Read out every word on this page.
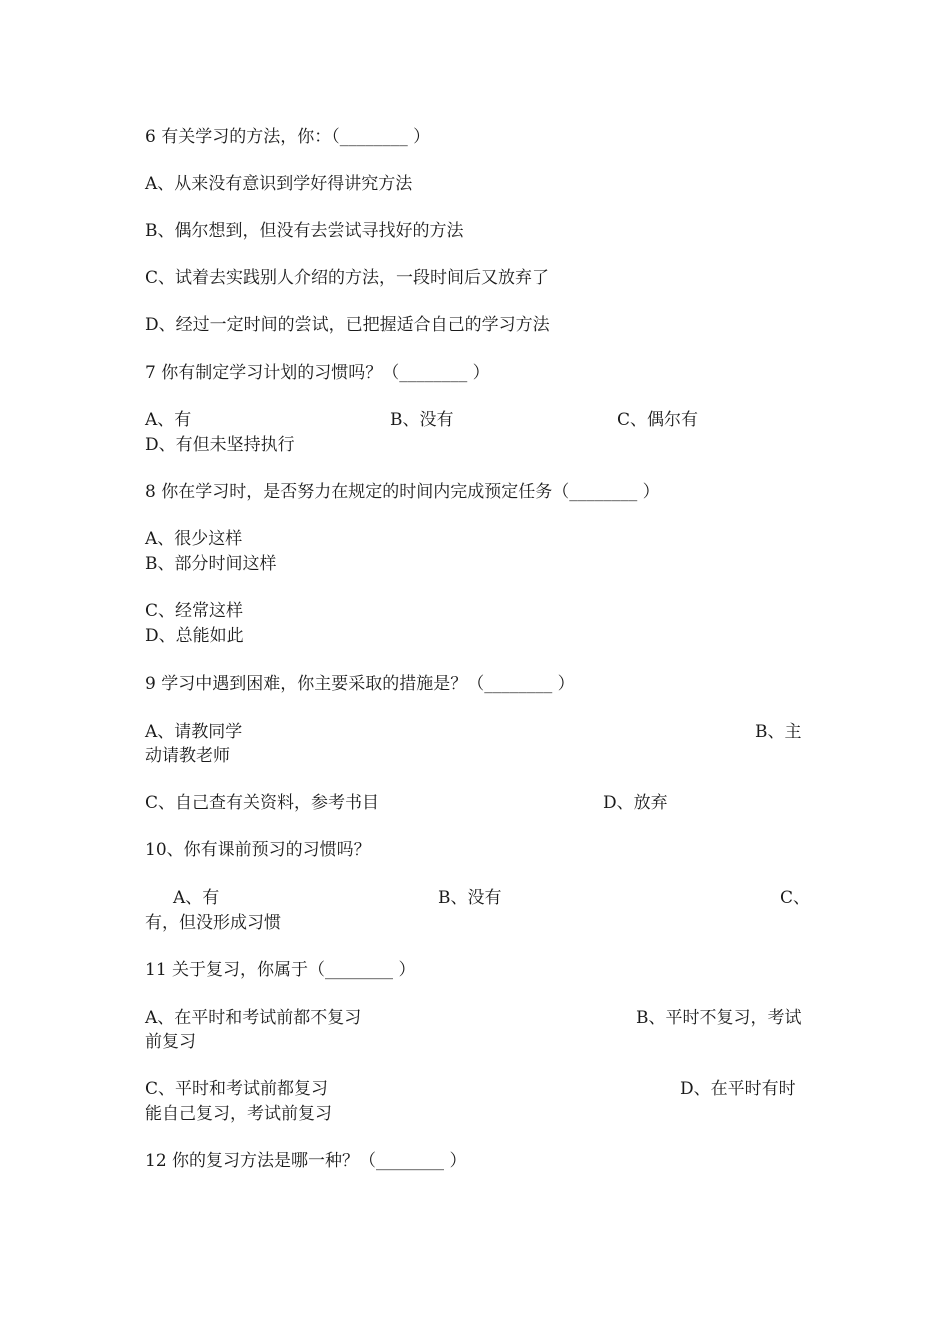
6 有关学习的方法，你：（________ ）
A、从来没有意识到学好得讲究方法
B、偶尔想到，但没有去尝试寻找好的方法
C、试着去实践别人介绍的方法，一段时间后又放弃了
D、经过一定时间的尝试，已把握适合自己的学习方法
7 你有制定学习计划的习惯吗？（________ ）
A、有	B、没有	C、偶尔有
D、有但未坚持执行
8 你在学习时，是否努力在规定的时间内完成预定任务（________ ）
A、很少这样
B、部分时间这样
C、经常这样
D、总能如此
9 学习中遇到困难，你主要采取的措施是？（________ ）
A、请教同学	B、主
动请教老师
C、自己查有关资料，参考书目	D、放弃
10、你有课前预习的习惯吗？
A、有	B、没有	C、
有，但没形成习惯
11 关于复习，你属于（________ ）
A、在平时和考试前都不复习	B、平时不复习，考试
前复习
C、平时和考试前都复习	D、在平时有时
能自己复习，考试前复习
12 你的复习方法是哪一种？（________ ）
